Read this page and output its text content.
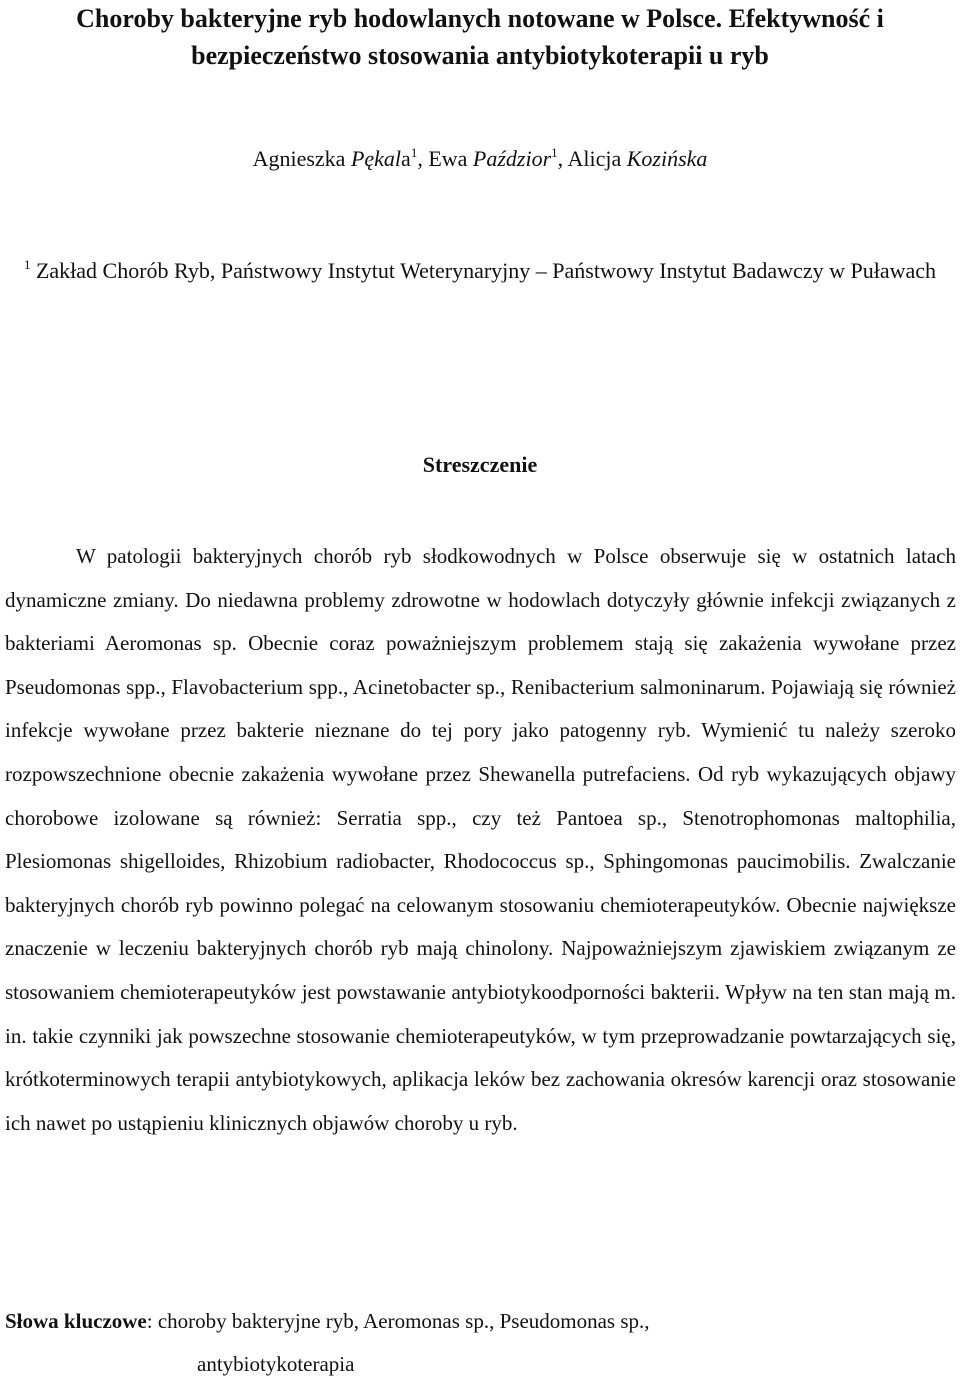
Choroby bakteryjne ryb hodowlanych notowane w Polsce. Efektywność i bezpieczeństwo stosowania antybiotykoterapii u ryb
Agnieszka Pękala$^1$, Ewa Paździor$^1$, Alicja Kozińska
$^1$ Zakład Chorób Ryb, Państwowy Instytut Weterynaryjny – Państwowy Instytut Badawczy w Puławach
Streszczenie

W patologii bakteryjnych chorób ryb słodkowodnych w Polsce obserwuje się w ostatnich latach dynamiczne zmiany. Do niedawna problemy zdrowotne w hodowlach dotyczyły głównie infekcji związanych z bakteriami Aeromonas sp. Obecnie coraz poważniejszym problemem stają się zakażenia wywołane przez Pseudomonas spp., Flavobacterium spp., Acinetobacter sp., Renibacterium salmoninarum. Pojawiają się również infekcje wywołane przez bakterie nieznane do tej pory jako patogenny ryb. Wymienić tu należy szeroko rozpowszechnione obecnie zakażenia wywołane przez Shewanella putrefaciens. Od ryb wykazujących objawy chorobowe izolowane są również: Serratia spp., czy też Pantoea sp., Stenotrophomonas maltophilia, Plesiomonas shigelloides, Rhizobium radiobacter, Rhodococcus sp., Sphingomonas paucimobilis. Zwalczanie bakteryjnych chorób ryb powinno polegać na celowanym stosowaniu chemioterapeutyków. Obecnie największe znaczenie w leczeniu bakteryjnych chorób ryb mają chinolony. Najpoważniejszym zjawiskiem związanym ze stosowaniem chemioterapeutyków jest powstawanie antybiotykoodporności bakterii. Wpływ na ten stan mają m. in. takie czynniki jak powszechne stosowanie chemioterapeutyków, w tym przeprowadzanie powtarzających się, krótkoterminowych terapii antybiotykowych, aplikacja leków bez zachowania okresów karencji oraz stosowanie ich nawet po ustąpieniu klinicznych objawów choroby u ryb.

Słowa kluczowe: choroby bakteryjne ryb, Aeromonas sp., Pseudomonas sp.,
antybiotykoterapia
